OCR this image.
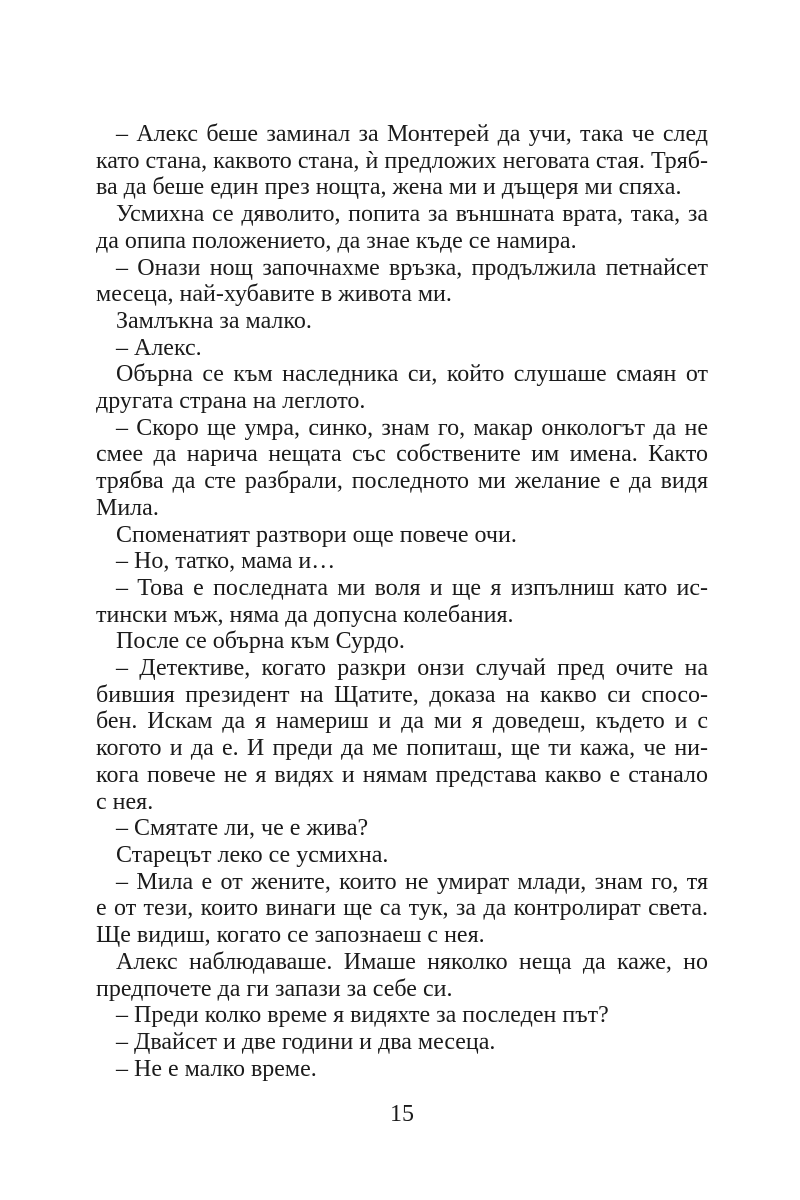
– Алекс беше заминал за Монтерей да учи, така че след
като стана, каквото стана, ѝ предложих неговата стая. Тряб-
ва да беше един през нощта, жена ми и дъщеря ми спяха.

Усмихна се дяволито, попита за външната врата, така, за
да опипа положението, да знае къде се намира.

– Онази нощ започнахме връзка, продължила петнайсет
месеца, най-хубавите в живота ми.

Замлъкна за малко.

– Алекс.

Обърна се към наследника си, който слушаше смаян от
другата страна на леглото.

– Скоро ще умра, синко, знам го, макар онкологът да не
смее да нарича нещата със собствените им имена. Както
трябва да сте разбрали, последното ми желание е да видя
Мила.

Споменатият разтвори още повече очи.

– Но, татко, мама и…

– Това е последната ми воля и ще я изпълниш като ис-
тински мъж, няма да допусна колебания.

После се обърна към Сурдо.

– Детективе, когато разкри онзи случай пред очите на
бившия президент на Щатите, доказа на какво си спосо-
бен. Искам да я намериш и да ми я доведеш, където и с
когото и да е. И преди да ме попиташ, ще ти кажа, че ни-
кога повече не я видях и нямам представа какво е станало
с нея.

– Смятате ли, че е жива?

Старецът леко се усмихна.

– Мила е от жените, които не умират млади, знам го, тя
е от тези, които винаги ще са тук, за да контролират света.
Ще видиш, когато се запознаеш с нея.

Алекс наблюдаваше. Имаше няколко неща да каже, но
предпочете да ги запази за себе си.

– Преди колко време я видяхте за последен път?

– Двайсет и две години и два месеца.

– Не е малко време.

15
